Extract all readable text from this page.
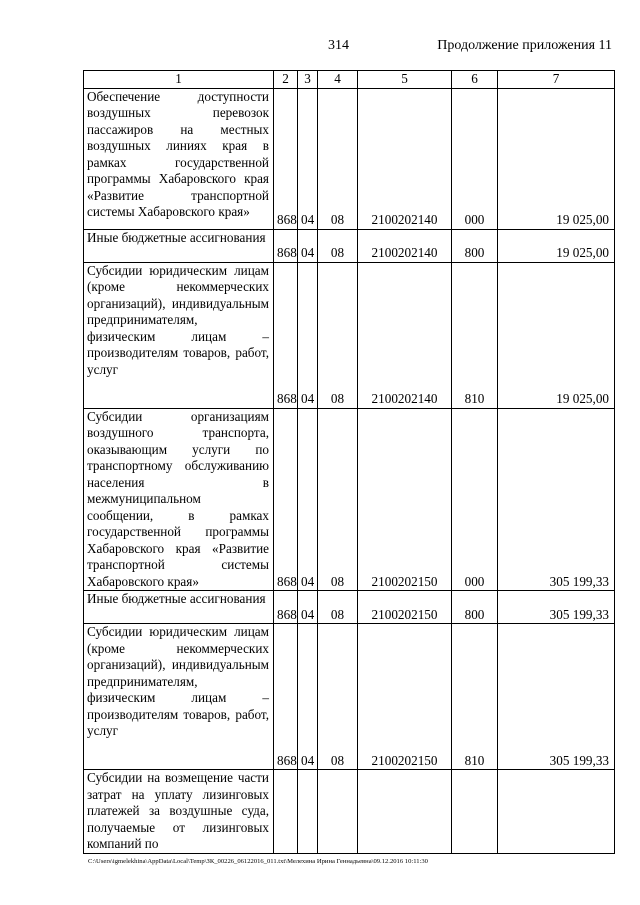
314	Продолжение приложения 11
1	2	3	4	5	6	7
Обеспечение доступности воздушных перевозок пассажиров на местных воздушных линиях края в рамках государственной программы Хабаровского края «Развитие транспортной системы Хабаровского края»	868	04	08	2100202140	000	19 025,00
Иные бюджетные ассигнования	868	04	08	2100202140	800	19 025,00
Субсидии юридическим лицам (кроме некоммерческих организаций), индивидуальным предпринимателям, физическим лицам – производителям товаров, работ, услуг	868	04	08	2100202140	810	19 025,00
Субсидии организациям воздушного транспорта, оказывающим услуги по транспортному обслуживанию населения в межмуниципальном сообщении, в рамках государственной программы Хабаровского края «Развитие транспортной системы Хабаровского края»	868	04	08	2100202150	000	305 199,33
Иные бюджетные ассигнования	868	04	08	2100202150	800	305 199,33
Субсидии юридическим лицам (кроме некоммерческих организаций), индивидуальным предпринимателям, физическим лицам – производителям товаров, работ, услуг	868	04	08	2100202150	810	305 199,33
Субсидии на возмещение части затрат на уплату лизинговых платежей за воздушные суда, получаемые от лизинговых компаний по						
C:\Users\igmelekhina\AppData\Local\Temp\ЗК_00226_06122016_011.txt\Мелехина Ирина Геннадьевна\09.12.2016 10:11:30
